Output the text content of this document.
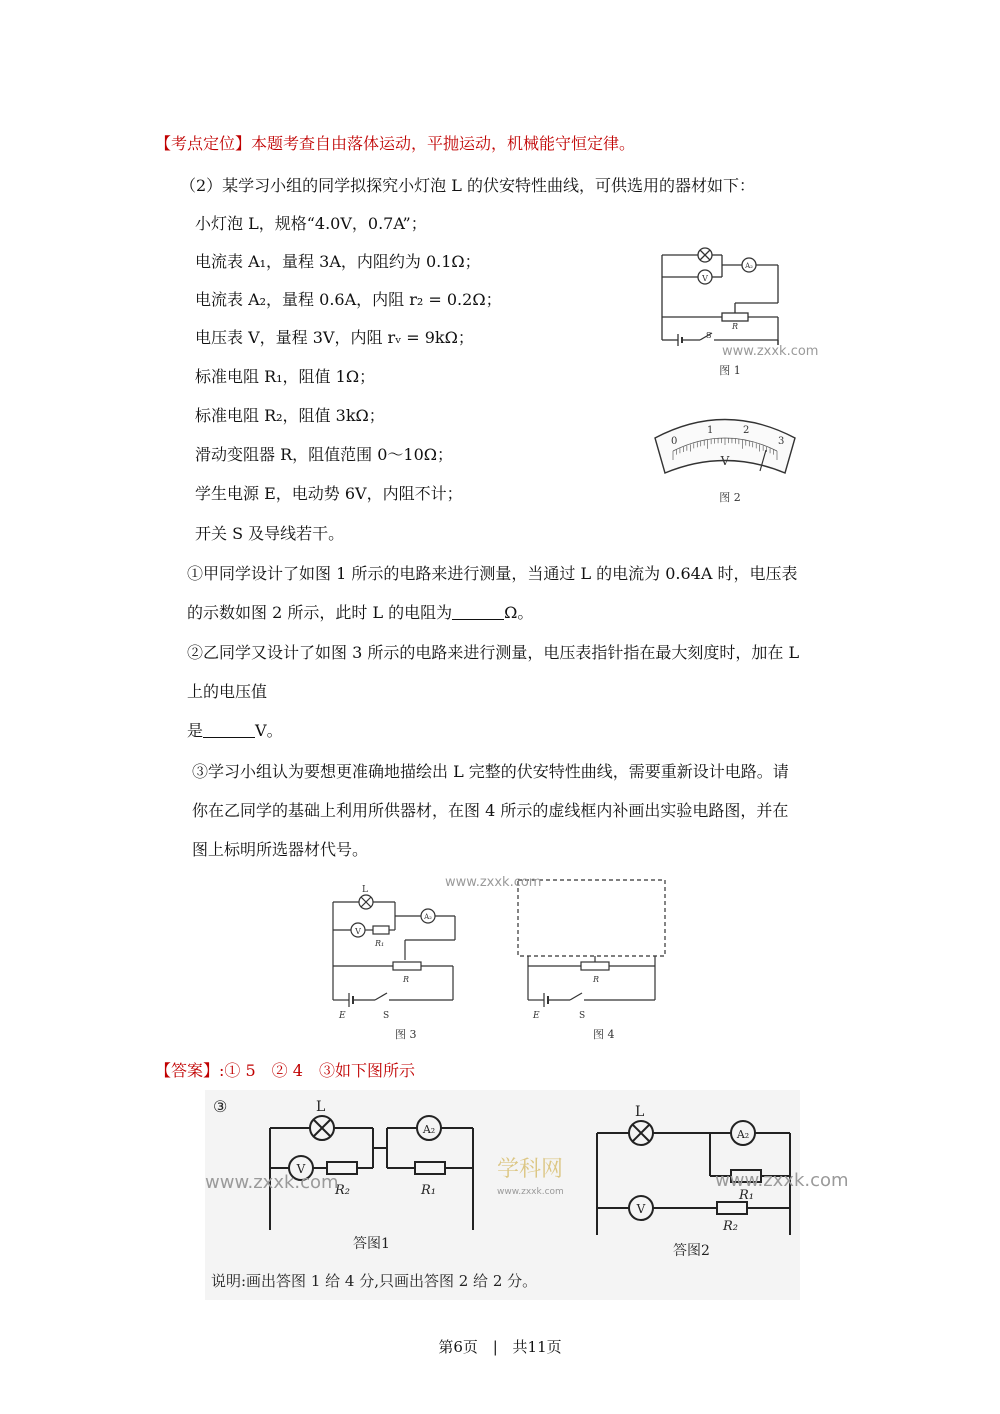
【考点定位】本题考查自由落体运动，平抛运动，机械能守恒定律。
（2）某学习小组的同学拟探究小灯泡 L 的伏安特性曲线，可供选用的器材如下：
小灯泡 L，规格“4.0V，0.7A”；
电流表 A₁，量程 3A，内阻约为 0.1Ω；
电流表 A₂，量程 0.6A，内阻 r₂ = 0.2Ω；
电压表 V，量程 3V，内阻 rᵥ = 9kΩ；
标准电阻 R₁，阻值 1Ω；
标准电阻 R₂，阻值 3kΩ；
滑动变阻器 R，阻值范围 0～10Ω；
学生电源 E，电动势 6V，内阻不计；
开关 S 及导线若干。
①甲同学设计了如图 1 所示的电路来进行测量，当通过 L 的电流为 0.64A 时，电压表
的示数如图 2 所示，此时 L 的电阻为	Ω。
②乙同学又设计了如图 3 所示的电路来进行测量，电压表指针指在最大刻度时，加在 L
上的电压值
是	V。
③学习小组认为要想更准确地描绘出 L 完整的伏安特性曲线，需要重新设计电路。请
你在乙同学的基础上利用所供器材，在图 4 所示的虚线框内补画出实验电路图，并在
图上标明所选器材代号。
V
A₂
R
S
www.zxxk.com
图 1
0
1	2
3
V
图 2
L
V
R₁
A₂
R
E	S
图 3
www.zxxk.com
R
E	S
图 4
【答案】:① 5　② 4　③如下图所示
③	L
V
R₂
A₂
R₁
www.zxxk.com
学科网
www.zxxk.com
答图1
L
A₂
R₁
V
R₂
www.zxxk.com
答图2
说明:画出答图 1 给 4 分,只画出答图 2 给 2 分。
第6页 | 共11页
